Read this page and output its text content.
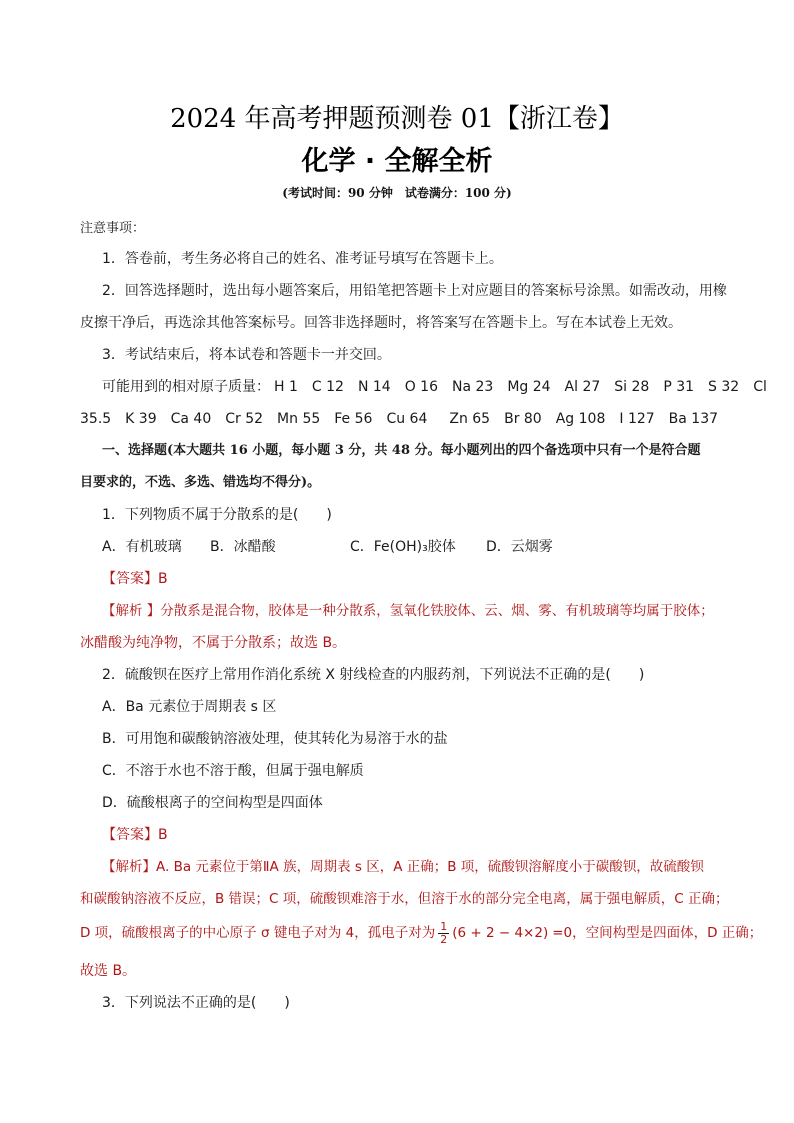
2024 年高考押题预测卷 01【浙江卷】
化学 · 全解全析
(考试时间：90 分钟　试卷满分：100 分)
注意事项：
1．答卷前，考生务必将自己的姓名、准考证号填写在答题卡上。
2．回答选择题时，选出每小题答案后，用铅笔把答题卡上对应题目的答案标号涂黑。如需改动，用橡
皮擦干净后，再选涂其他答案标号。回答非选择题时，将答案写在答题卡上。写在本试卷上无效。
3．考试结束后，将本试卷和答题卡一并交回。
可能用到的相对原子质量： H 1 C 12 N 14 O 16 Na 23 Mg 24 Al 27 Si 28 P 31 S 32 Cl
35.5 K 39 Ca 40 Cr 52 Mn 55 Fe 56 Cu 64 Zn 65 Br 80 Ag 108 I 127 Ba 137
一、选择题(本大题共 16 小题，每小题 3 分，共 48 分。每小题列出的四个备选项中只有一个是符合题
目要求的，不选、多选、错选均不得分)。
1．下列物质不属于分散系的是(　　)
A．有机玻璃 B．冰醋酸	C．Fe(OH)₃胶体 D．云烟雾
【答案】B
【解析 】分散系是混合物，胶体是一种分散系，氢氧化铁胶体、云、烟、雾、有机玻璃等均属于胶体；
冰醋酸为纯净物，不属于分散系；故选 B。
2．硫酸钡在医疗上常用作消化系统 X 射线检查的内服药剂，下列说法不正确的是(　　)
A．Ba 元素位于周期表 s 区
B．可用饱和碳酸钠溶液处理，使其转化为易溶于水的盐
C．不溶于水也不溶于酸，但属于强电解质
D．硫酸根离子的空间构型是四面体
【答案】B
【解析】A. Ba 元素位于第ⅡA 族，周期表 s 区，A 正确；B 项，硫酸钡溶解度小于碳酸钡，故硫酸钡
和碳酸钠溶液不反应，B 错误；C 项，硫酸钡难溶于水，但溶于水的部分完全电离，属于强电解质，C 正确；
D 项，硫酸根离子的中心原子 σ 键电子对为 4，孤电子对为 $\frac{1}{2} (6 + 2 - 4\times 2) =0$，空间构型是四面体，D 正确；
故选 B。
3．下列说法不正确的是(　　)
